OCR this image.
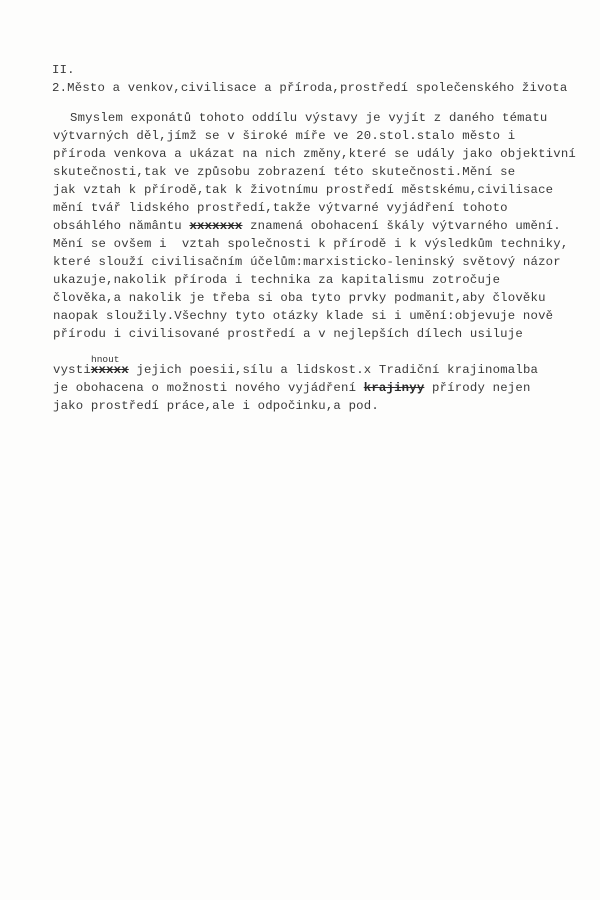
II.
2.Město a venkov,civilisace a příroda,prostředí společenského života
Smyslem exponátů tohoto oddílu výstavy je vyjít z daného tématu
výtvarných děl,jímž se v široké míře ve 20.stol.stalo město i
příroda venkova a ukázat na nich změny,které se udály jako objektivní
skutečnosti,tak ve způsobu zobrazení této skutečnosti.Mění se
jak vztah k přírodě,tak k životnímu prostředí městskému,civilisace
mění tvář lidského prostředí,takže výtvarné vyjádření tohoto
obsáhlého nământu xxxxxxx znamená obohacení škály výtvarného umění.
Mění se ovšem i  vztah společnosti k přírodě i k výsledkům techniky,
které slouží civilisačním účelům:marxisticko-leninský světový názor
ukazuje,nakolik příroda i technika za kapitalismu zotročuje
člověka,a nakolik je třeba si oba tyto prvky podmanit,aby člověku
naopak sloužily.Všechny tyto otázky klade si i umění:objevuje nově
přírodu i civilisované prostředí a v nejlepších dílech usiluje
hnout
vystixxxxx jejich poesii,sílu a lidskost.x Tradiční krajinomalba
je obohacena o možnosti nového vyjádření krajinyy přírody nejen
jako prostředí práce,ale i odpočinku,a pod.
